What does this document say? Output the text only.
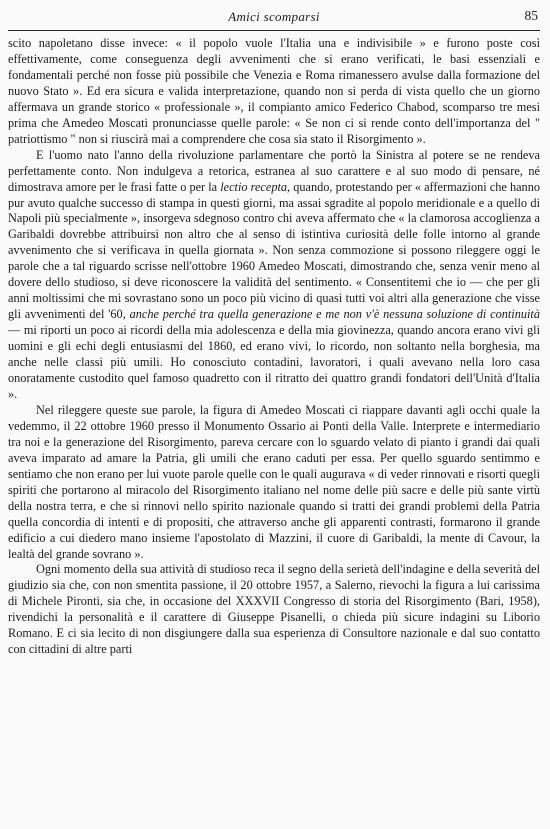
Amici scomparsi	85

scito napoletano disse invece: « il popolo vuole l'Italia una e indivisibile » e furono poste così effettivamente, come conseguenza degli avvenimenti che si erano verificati, le basi essenziali e fondamentali perché non fosse più possibile che Venezia e Roma rimanessero avulse dalla formazione del nuovo Stato ». Ed era sicura e valida interpretazione, quando non si perda di vista quello che un giorno affermava un grande storico « professionale », il compianto amico Federico Chabod, scomparso tre mesi prima che Amedeo Moscati pronunciasse quelle parole: « Se non ci si rende conto dell'importanza del " patriottismo " non si riuscirà mai a comprendere che cosa sia stato il Risorgimento ».

E l'uomo nato l'anno della rivoluzione parlamentare che portò la Sinistra al potere se ne rendeva perfettamente conto. Non indulgeva a retorica, estranea al suo carattere e al suo modo di pensare, né dimostrava amore per le frasi fatte o per la lectio recepta, quando, protestando per « affermazioni che hanno pur avuto qualche successo di stampa in questi giorni, ma assai sgradite al popolo meridionale e a quello di Napoli più specialmente », insorgeva sdegnoso contro chi aveva affermato che « la clamorosa accoglienza a Garibaldi dovrebbe attribuirsi non altro che al senso di istintiva curiosità delle folle intorno al grande avvenimento che si verificava in quella giornata ». Non senza commozione si possono rileggere oggi le parole che a tal riguardo scrisse nell'ottobre 1960 Amedeo Moscati, dimostrando che, senza venir meno al dovere dello studioso, si deve riconoscere la validità del sentimento. « Consentitemi che io — che per gli anni moltissimi che mi sovrastano sono un poco più vicino di quasi tutti voi altri alla generazione che visse gli avvenimenti del '60, anche perché tra quella generazione e me non v'è nessuna soluzione di continuità — mi riporti un poco ai ricordi della mia adolescenza e della mia giovinezza, quando ancora erano vivi gli uomini e gli echi degli entusiasmi del 1860, ed erano vivi, lo ricordo, non soltanto nella borghesia, ma anche nelle classi più umili. Ho conosciuto contadini, lavoratori, i quali avevano nella loro casa onoratamente custodito quel famoso quadretto con il ritratto dei quattro grandi fondatori dell'Unità d'Italia ».

Nel rileggere queste sue parole, la figura di Amedeo Moscati ci riappare davanti agli occhi quale la vedemmo, il 22 ottobre 1960 presso il Monumento Ossario ai Ponti della Valle. Interprete e intermediario tra noi e la generazione del Risorgimento, pareva cercare con lo sguardo velato di pianto i grandi dai quali aveva imparato ad amare la Patria, gli umili che erano caduti per essa. Per quello sguardo sentimmo e sentiamo che non erano per lui vuote parole quelle con le quali augurava « di veder rinnovati e risorti quegli spiriti che portarono al miracolo del Risorgimento italiano nel nome delle più sacre e delle più sante virtù della nostra terra, e che si rinnovi nello spirito nazionale quando si tratti dei grandi problemi della Patria quella concordia di intenti e di propositi, che attraverso anche gli apparenti contrasti, formarono il grande edificio a cui diedero mano insieme l'apostolato di Mazzini, il cuore di Garibaldi, la mente di Cavour, la lealtà del grande sovrano ».

Ogni momento della sua attività di studioso reca il segno della serietà dell'indagine e della severità del giudizio sia che, con non smentita passione, il 20 ottobre 1957, a Salerno, rievochi la figura a lui carissima di Michele Pironti, sia che, in occasione del XXXVII Congresso di storia del Risorgimento (Bari, 1958), rivendichi la personalità e il carattere di Giuseppe Pisanelli, o chieda più sicure indagini su Liborio Romano. E ci sia lecito di non disgiungere dalla sua esperienza di Consultore nazionale e dal suo contatto con cittadini di altre parti
